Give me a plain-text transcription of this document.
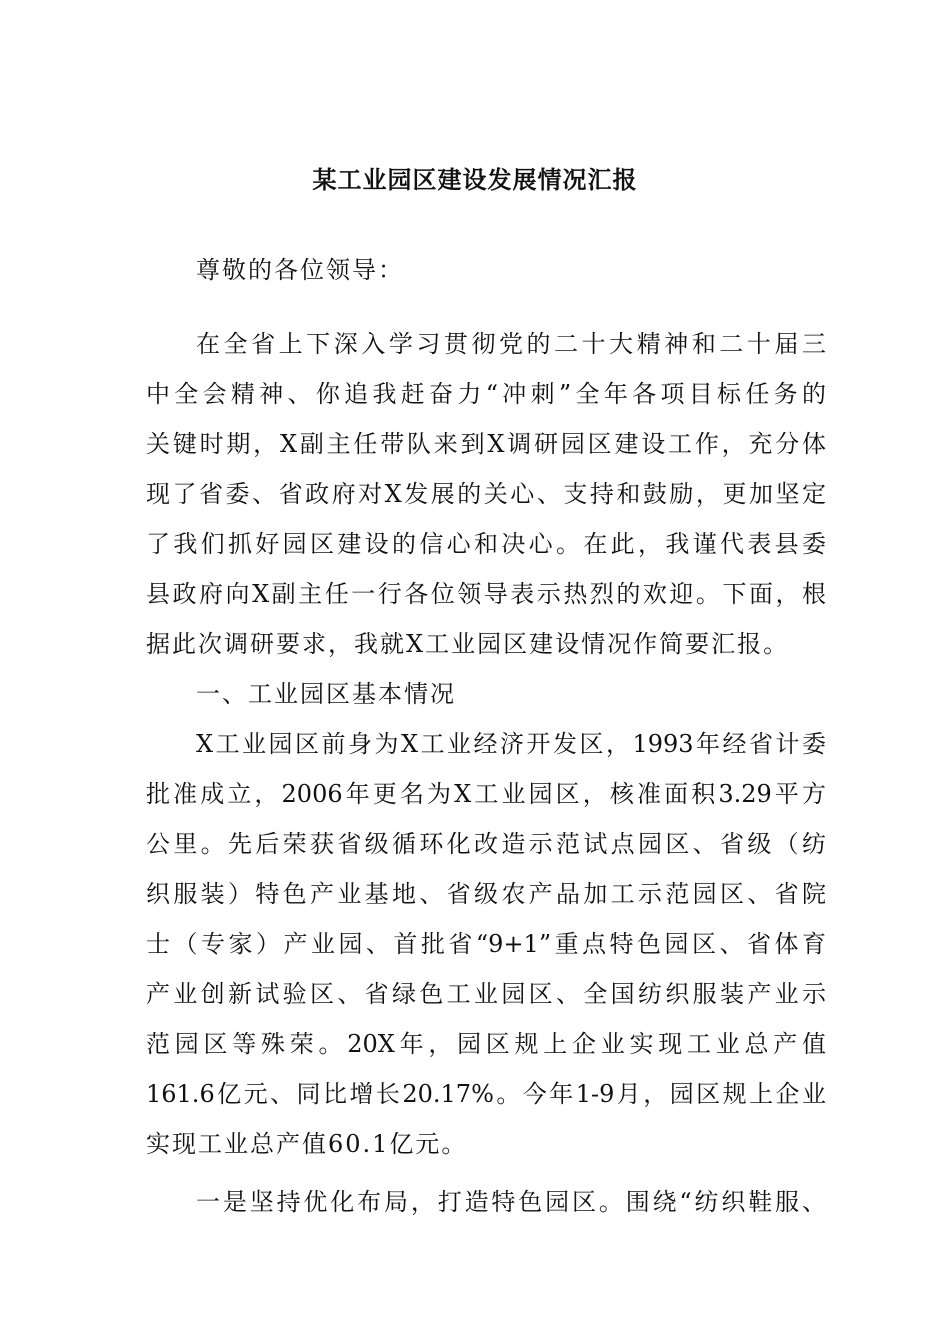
某工业园区建设发展情况汇报
尊敬的各位领导：
在全省上下深入学习贯彻党的二十大精神和二十届三
中全会精神、你追我赶奋力“冲刺”全年各项目标任务的
关键时期，X副主任带队来到X调研园区建设工作，充分体
现了省委、省政府对X发展的关心、支持和鼓励，更加坚定
了我们抓好园区建设的信心和决心。在此，我谨代表县委
县政府向X副主任一行各位领导表示热烈的欢迎。下面，根
据此次调研要求，我就X工业园区建设情况作简要汇报。
一、工业园区基本情况
X工业园区前身为X工业经济开发区，1993年经省计委
批准成立，2006年更名为X工业园区，核准面积3.29平方
公里。先后荣获省级循环化改造示范试点园区、省级（纺
织服装）特色产业基地、省级农产品加工示范园区、省院
士（专家）产业园、首批省“9+1”重点特色园区、省体育
产业创新试验区、省绿色工业园区、全国纺织服装产业示
范园区等殊荣。20X年，园区规上企业实现工业总产值
161.6亿元、同比增长20.17%。今年1-9月，园区规上企业
实现工业总产值60.1亿元。
一是坚持优化布局，打造特色园区。围绕“纺织鞋服、
